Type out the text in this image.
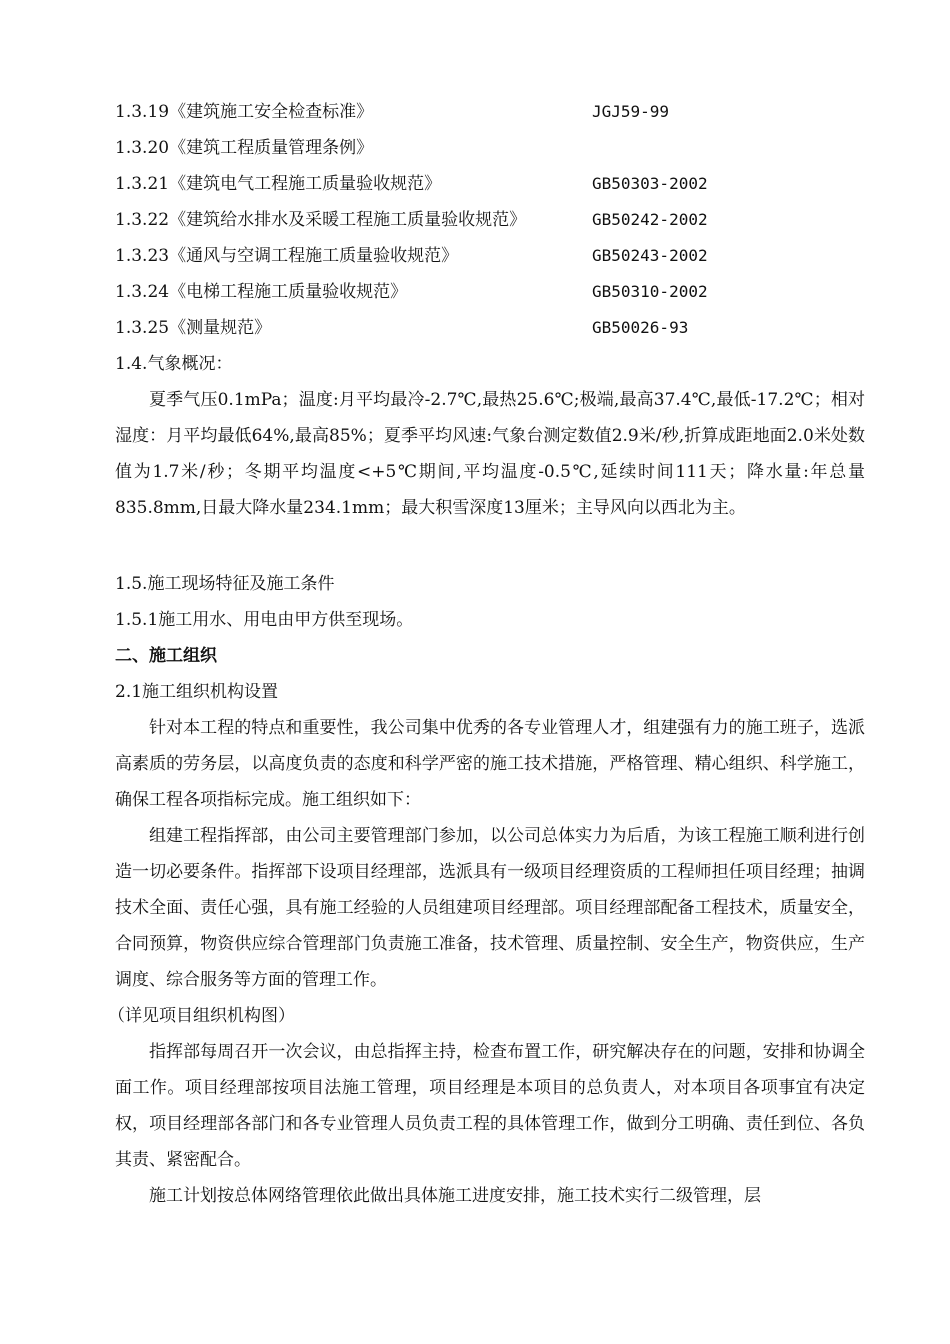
1.3.19《建筑施工安全检查标准》	JGJ59-99
1.3.20《建筑工程质量管理条例》
1.3.21《建筑电气工程施工质量验收规范》	GB50303-2002
1.3.22《建筑给水排水及采暖工程施工质量验收规范》	GB50242-2002
1.3.23《通风与空调工程施工质量验收规范》	GB50243-2002
1.3.24《电梯工程施工质量验收规范》	GB50310-2002
1.3.25《测量规范》	GB50026-93
1.4.气象概况：

夏季气压0.1mPa；温度:月平均最冷-2.7℃,最热25.6℃;极端,最高37.4℃,最低-17.2℃；相对湿度：月平均最低64%,最高85%；夏季平均风速:气象台测定数值2.9米/秒,折算成距地面2.0米处数值为1.7米/秒；冬期平均温度<+5℃期间,平均温度-0.5℃,延续时间111天；降水量:年总量835.8mm,日最大降水量234.1mm；最大积雪深度13厘米；主导风向以西北为主。

1.5.施工现场特征及施工条件
1.5.1施工用水、用电由甲方供至现场。
二、施工组织
2.1施工组织机构设置

针对本工程的特点和重要性，我公司集中优秀的各专业管理人才，组建强有力的施工班子，选派高素质的劳务层，以高度负责的态度和科学严密的施工技术措施，严格管理、精心组织、科学施工，确保工程各项指标完成。施工组织如下：

组建工程指挥部，由公司主要管理部门参加，以公司总体实力为后盾，为该工程施工顺利进行创造一切必要条件。指挥部下设项目经理部，选派具有一级项目经理资质的工程师担任项目经理；抽调技术全面、责任心强，具有施工经验的人员组建项目经理部。项目经理部配备工程技术，质量安全，合同预算，物资供应综合管理部门负责施工准备，技术管理、质量控制、安全生产，物资供应，生产调度、综合服务等方面的管理工作。

（详见项目组织机构图）

指挥部每周召开一次会议，由总指挥主持，检查布置工作，研究解决存在的问题，安排和协调全面工作。项目经理部按项目法施工管理，项目经理是本项目的总负责人，对本项目各项事宜有决定权，项目经理部各部门和各专业管理人员负责工程的具体管理工作，做到分工明确、责任到位、各负其责、紧密配合。

施工计划按总体网络管理依此做出具体施工进度安排，施工技术实行二级管理，层
